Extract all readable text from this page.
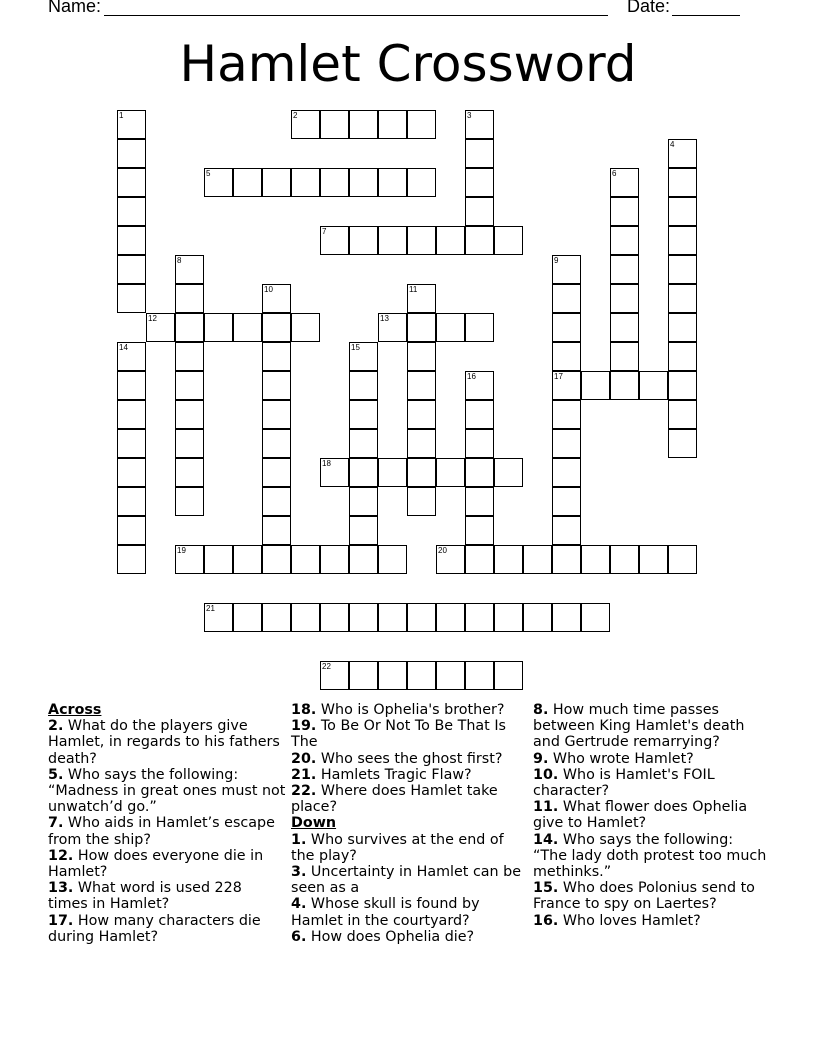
Name:	Date:
Hamlet Crossword
1	2	3
4
5	6
7
8	9
17
10	11
12	13
14	15
16
18
19	20
21
22
Across
2. What do the players give Hamlet, in regards to his fathers death?
5. Who says the following: “Madness in great ones must not unwatch’d go.”
7. Who aids in Hamlet’s escape from the ship?
12. How does everyone die in Hamlet?
13. What word is used 228 times in Hamlet?
17. How many characters die during Hamlet?
18. Who is Ophelia's brother?
19. To Be Or Not To Be That Is The
20. Who sees the ghost first?
21. Hamlets Tragic Flaw?
22. Where does Hamlet take place?
Down
1. Who survives at the end of the play?
3. Uncertainty in Hamlet can be seen as a
4. Whose skull is found by Hamlet in the courtyard?
6. How does Ophelia die?
8. How much time passes between King Hamlet's death and Gertrude remarrying?
9. Who wrote Hamlet?
10. Who is Hamlet's FOIL character?
11. What flower does Ophelia give to Hamlet?
14. Who says the following: “The lady doth protest too much methinks.”
15. Who does Polonius send to France to spy on Laertes?
16. Who loves Hamlet?
